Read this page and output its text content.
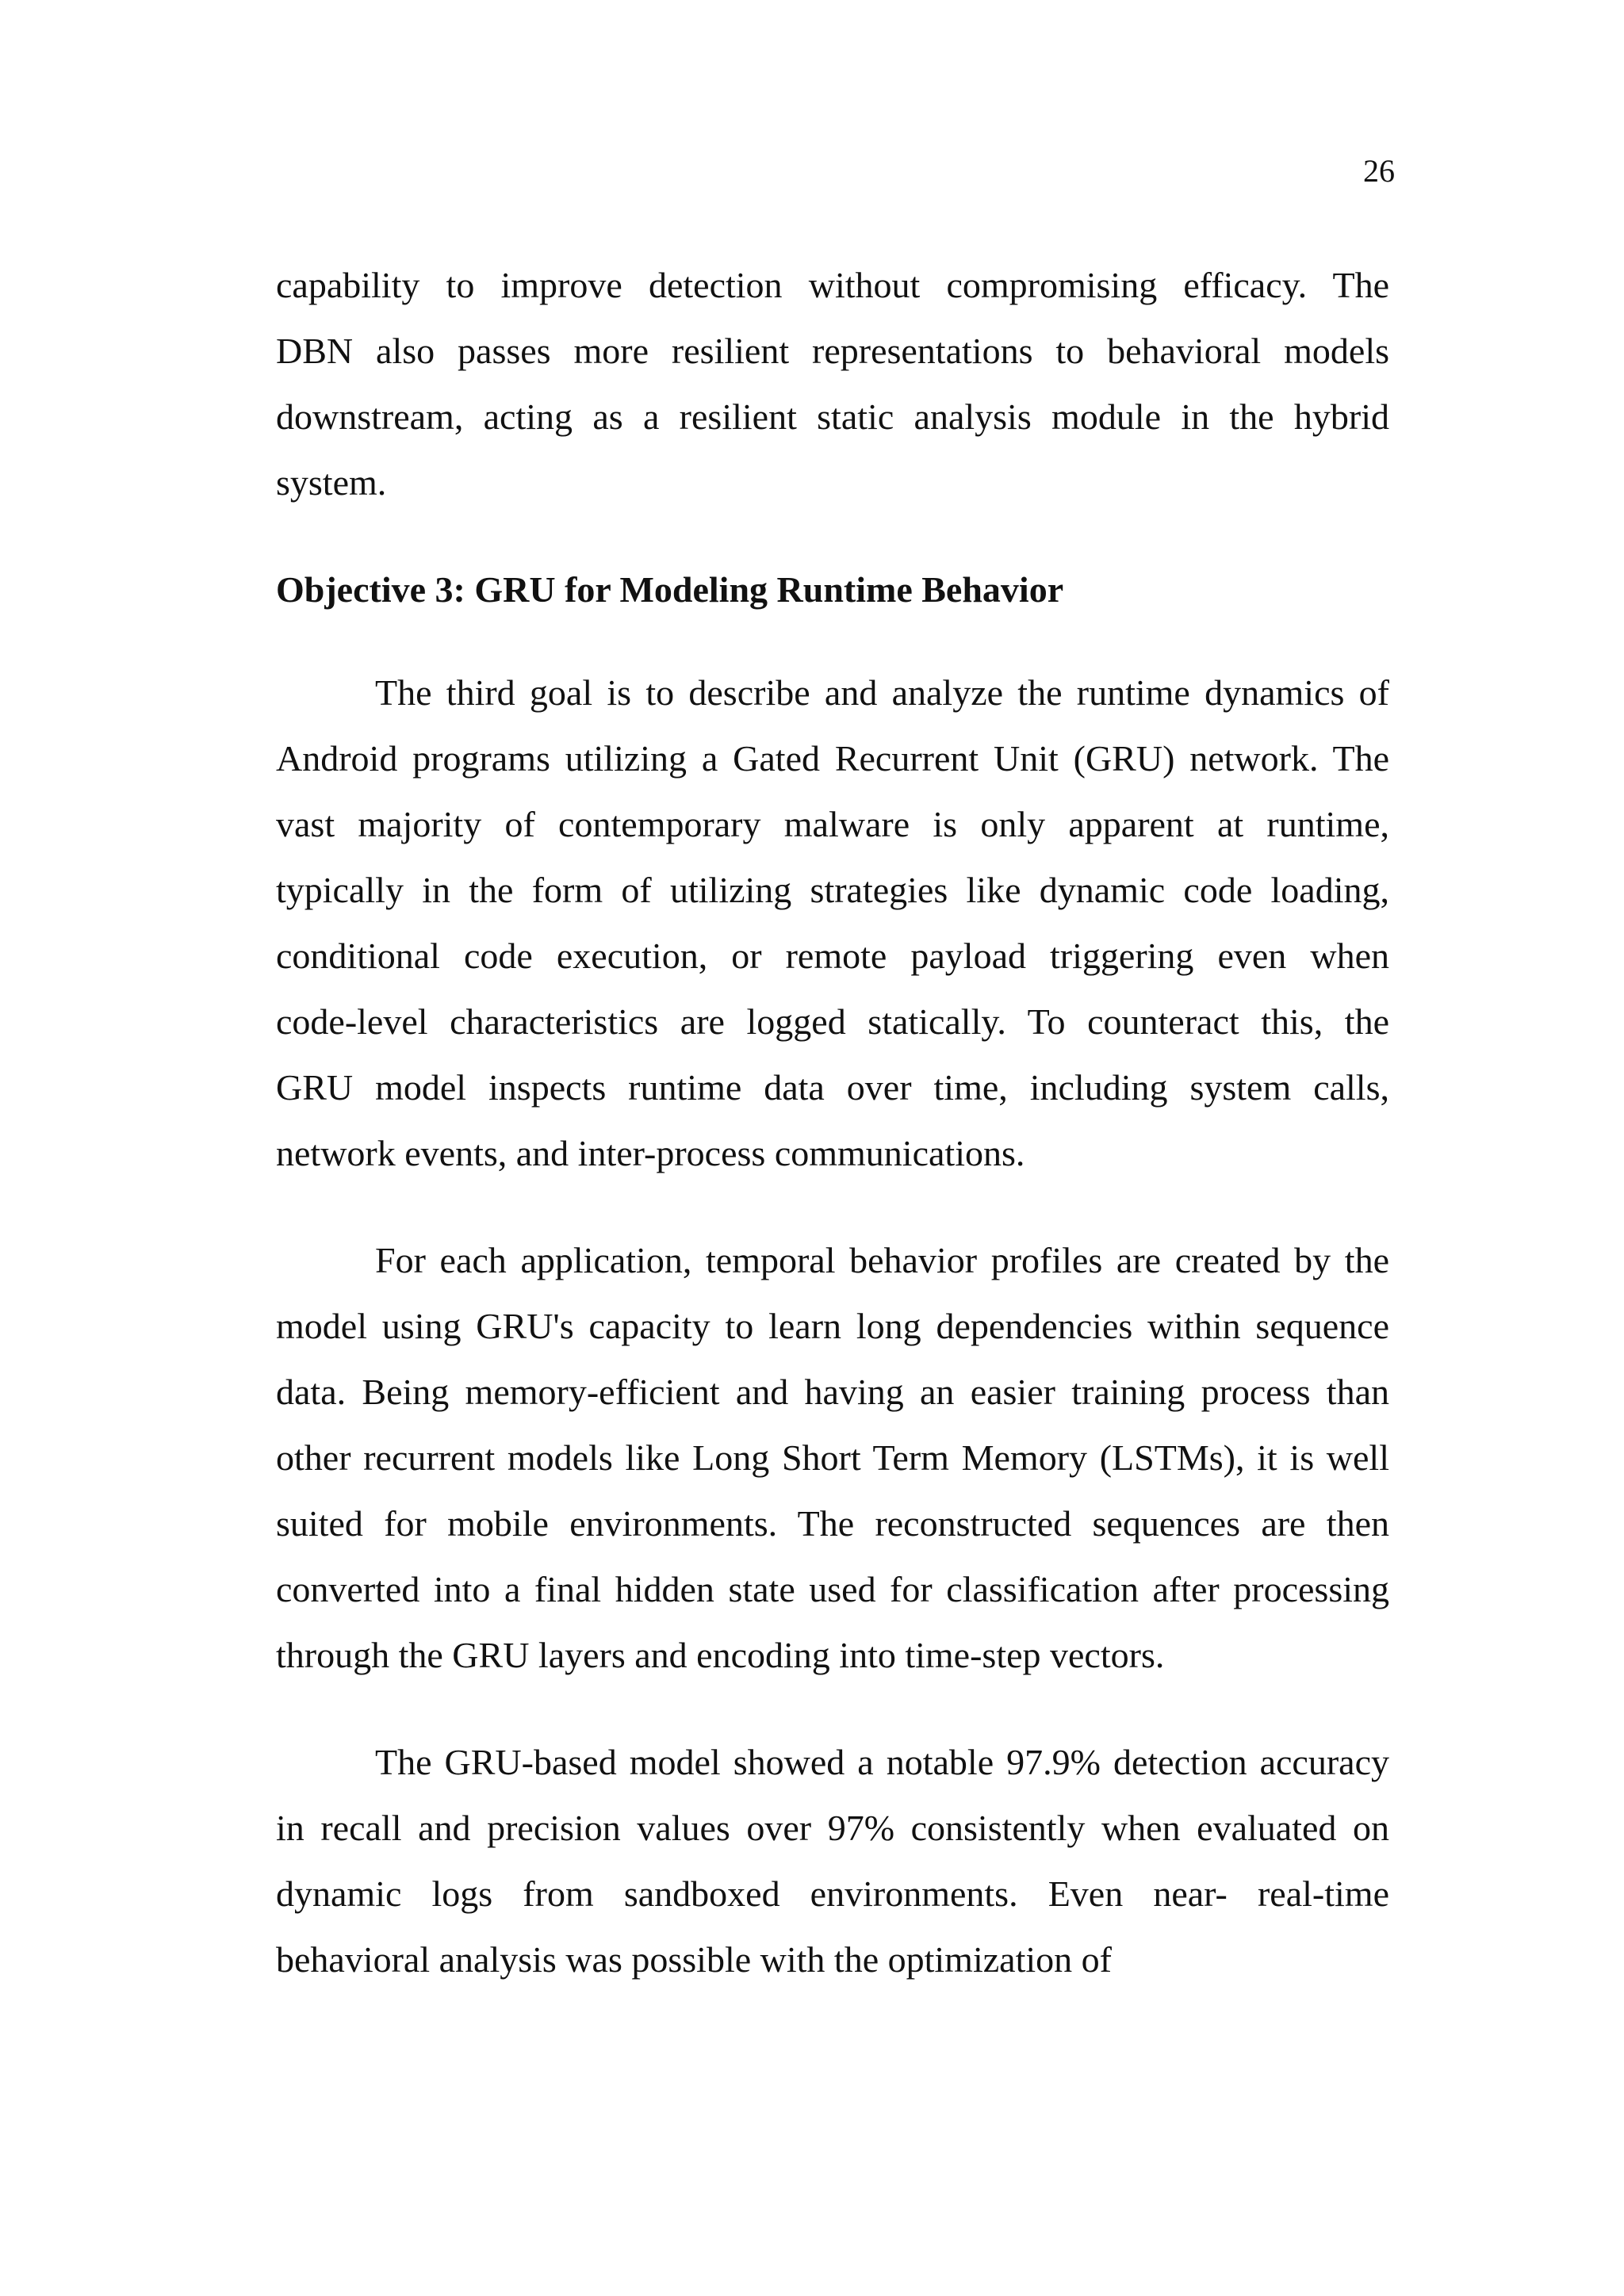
26
capability to improve detection without compromising efficacy. The
DBN also passes more resilient representations to behavioral models
downstream, acting as a resilient static analysis module in the hybrid
system.
Objective 3: GRU for Modeling Runtime Behavior
The third goal is to describe and analyze the runtime dynamics of
Android programs utilizing a Gated Recurrent Unit (GRU) network. The
vast majority of contemporary malware is only apparent at runtime,
typically in the form of utilizing strategies like dynamic code loading,
conditional code execution, or remote payload triggering even when
code-level characteristics are logged statically. To counteract this, the
GRU model inspects runtime data over time, including system calls,
network events, and inter-process communications.
For each application, temporal behavior profiles are created by the
model using GRU's capacity to learn long dependencies within sequence
data. Being memory-efficient and having an easier training process than
other recurrent models like Long Short Term Memory (LSTMs), it is well
suited for mobile environments. The reconstructed sequences are then
converted into a final hidden state used for classification after processing
through the GRU layers and encoding into time-step vectors.
The GRU-based model showed a notable 97.9% detection accuracy
in recall and precision values over 97% consistently when evaluated on
dynamic logs from sandboxed environments. Even near- real-time
behavioral analysis was possible with the optimization of
